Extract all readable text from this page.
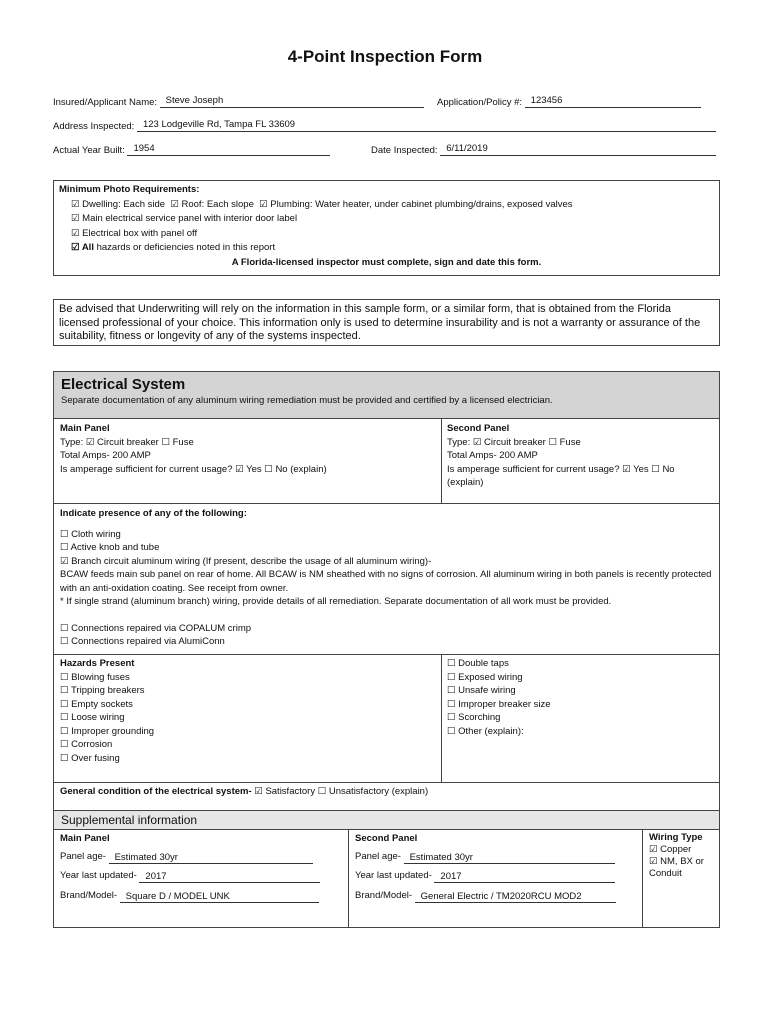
4-Point Inspection Form
Insured/Applicant Name: Steve Joseph	Application/Policy #: 123456
Address Inspected: 123 Lodgeville Rd, Tampa FL 33609
Actual Year Built: 1954	Date Inspected: 6/11/2019
Minimum Photo Requirements:
☑ Dwelling: Each side ☑ Roof: Each slope ☑ Plumbing: Water heater, under cabinet plumbing/drains, exposed valves
☑ Main electrical service panel with interior door label
☑ Electrical box with panel off
☑ All hazards or deficiencies noted in this report
A Florida-licensed inspector must complete, sign and date this form.
Be advised that Underwriting will rely on the information in this sample form, or a similar form, that is obtained from the Florida licensed professional of your choice. This information only is used to determine insurability and is not a warranty or assurance of the suitability, fitness or longevity of any of the systems inspected.
Electrical System
Separate documentation of any aluminum wiring remediation must be provided and certified by a licensed electrician.
Main Panel
Type: ☑ Circuit breaker ☐ Fuse
Total Amps- 200 AMP
Is amperage sufficient for current usage? ☑ Yes ☐ No (explain)
Second Panel
Type: ☑ Circuit breaker ☐ Fuse
Total Amps- 200 AMP
Is amperage sufficient for current usage? ☑ Yes ☐ No
(explain)
Indicate presence of any of the following:
☐ Cloth wiring
☐ Active knob and tube
☑ Branch circuit aluminum wiring (If present, describe the usage of all aluminum wiring)-
BCAW feeds main sub panel on rear of home. All BCAW is NM sheathed with no signs of corrosion. All aluminum wiring in both panels is recently protected with an anti-oxidation coating. See receipt from owner.
* If single strand (aluminum branch) wiring, provide details of all remediation. Separate documentation of all work must be provided.
☐ Connections repaired via COPALUM crimp
☐ Connections repaired via AlumiConn
Hazards Present
☐ Blowing fuses
☐ Tripping breakers
☐ Empty sockets
☐ Loose wiring
☐ Improper grounding
☐ Corrosion
☐ Over fusing
☐ Double taps
☐ Exposed wiring
☐ Unsafe wiring
☐ Improper breaker size
☐ Scorching
☐ Other (explain):
General condition of the electrical system- ☑ Satisfactory ☐ Unsatisfactory (explain)
Supplemental information
Main Panel
Panel age- Estimated 30yr
Year last updated- 2017
Brand/Model- Square D / MODEL UNK
Second Panel
Panel age- Estimated 30yr
Year last updated- 2017
Brand/Model- General Electric / TM2020RCU MOD2
Wiring Type
☑ Copper
☑ NM, BX or
Conduit
